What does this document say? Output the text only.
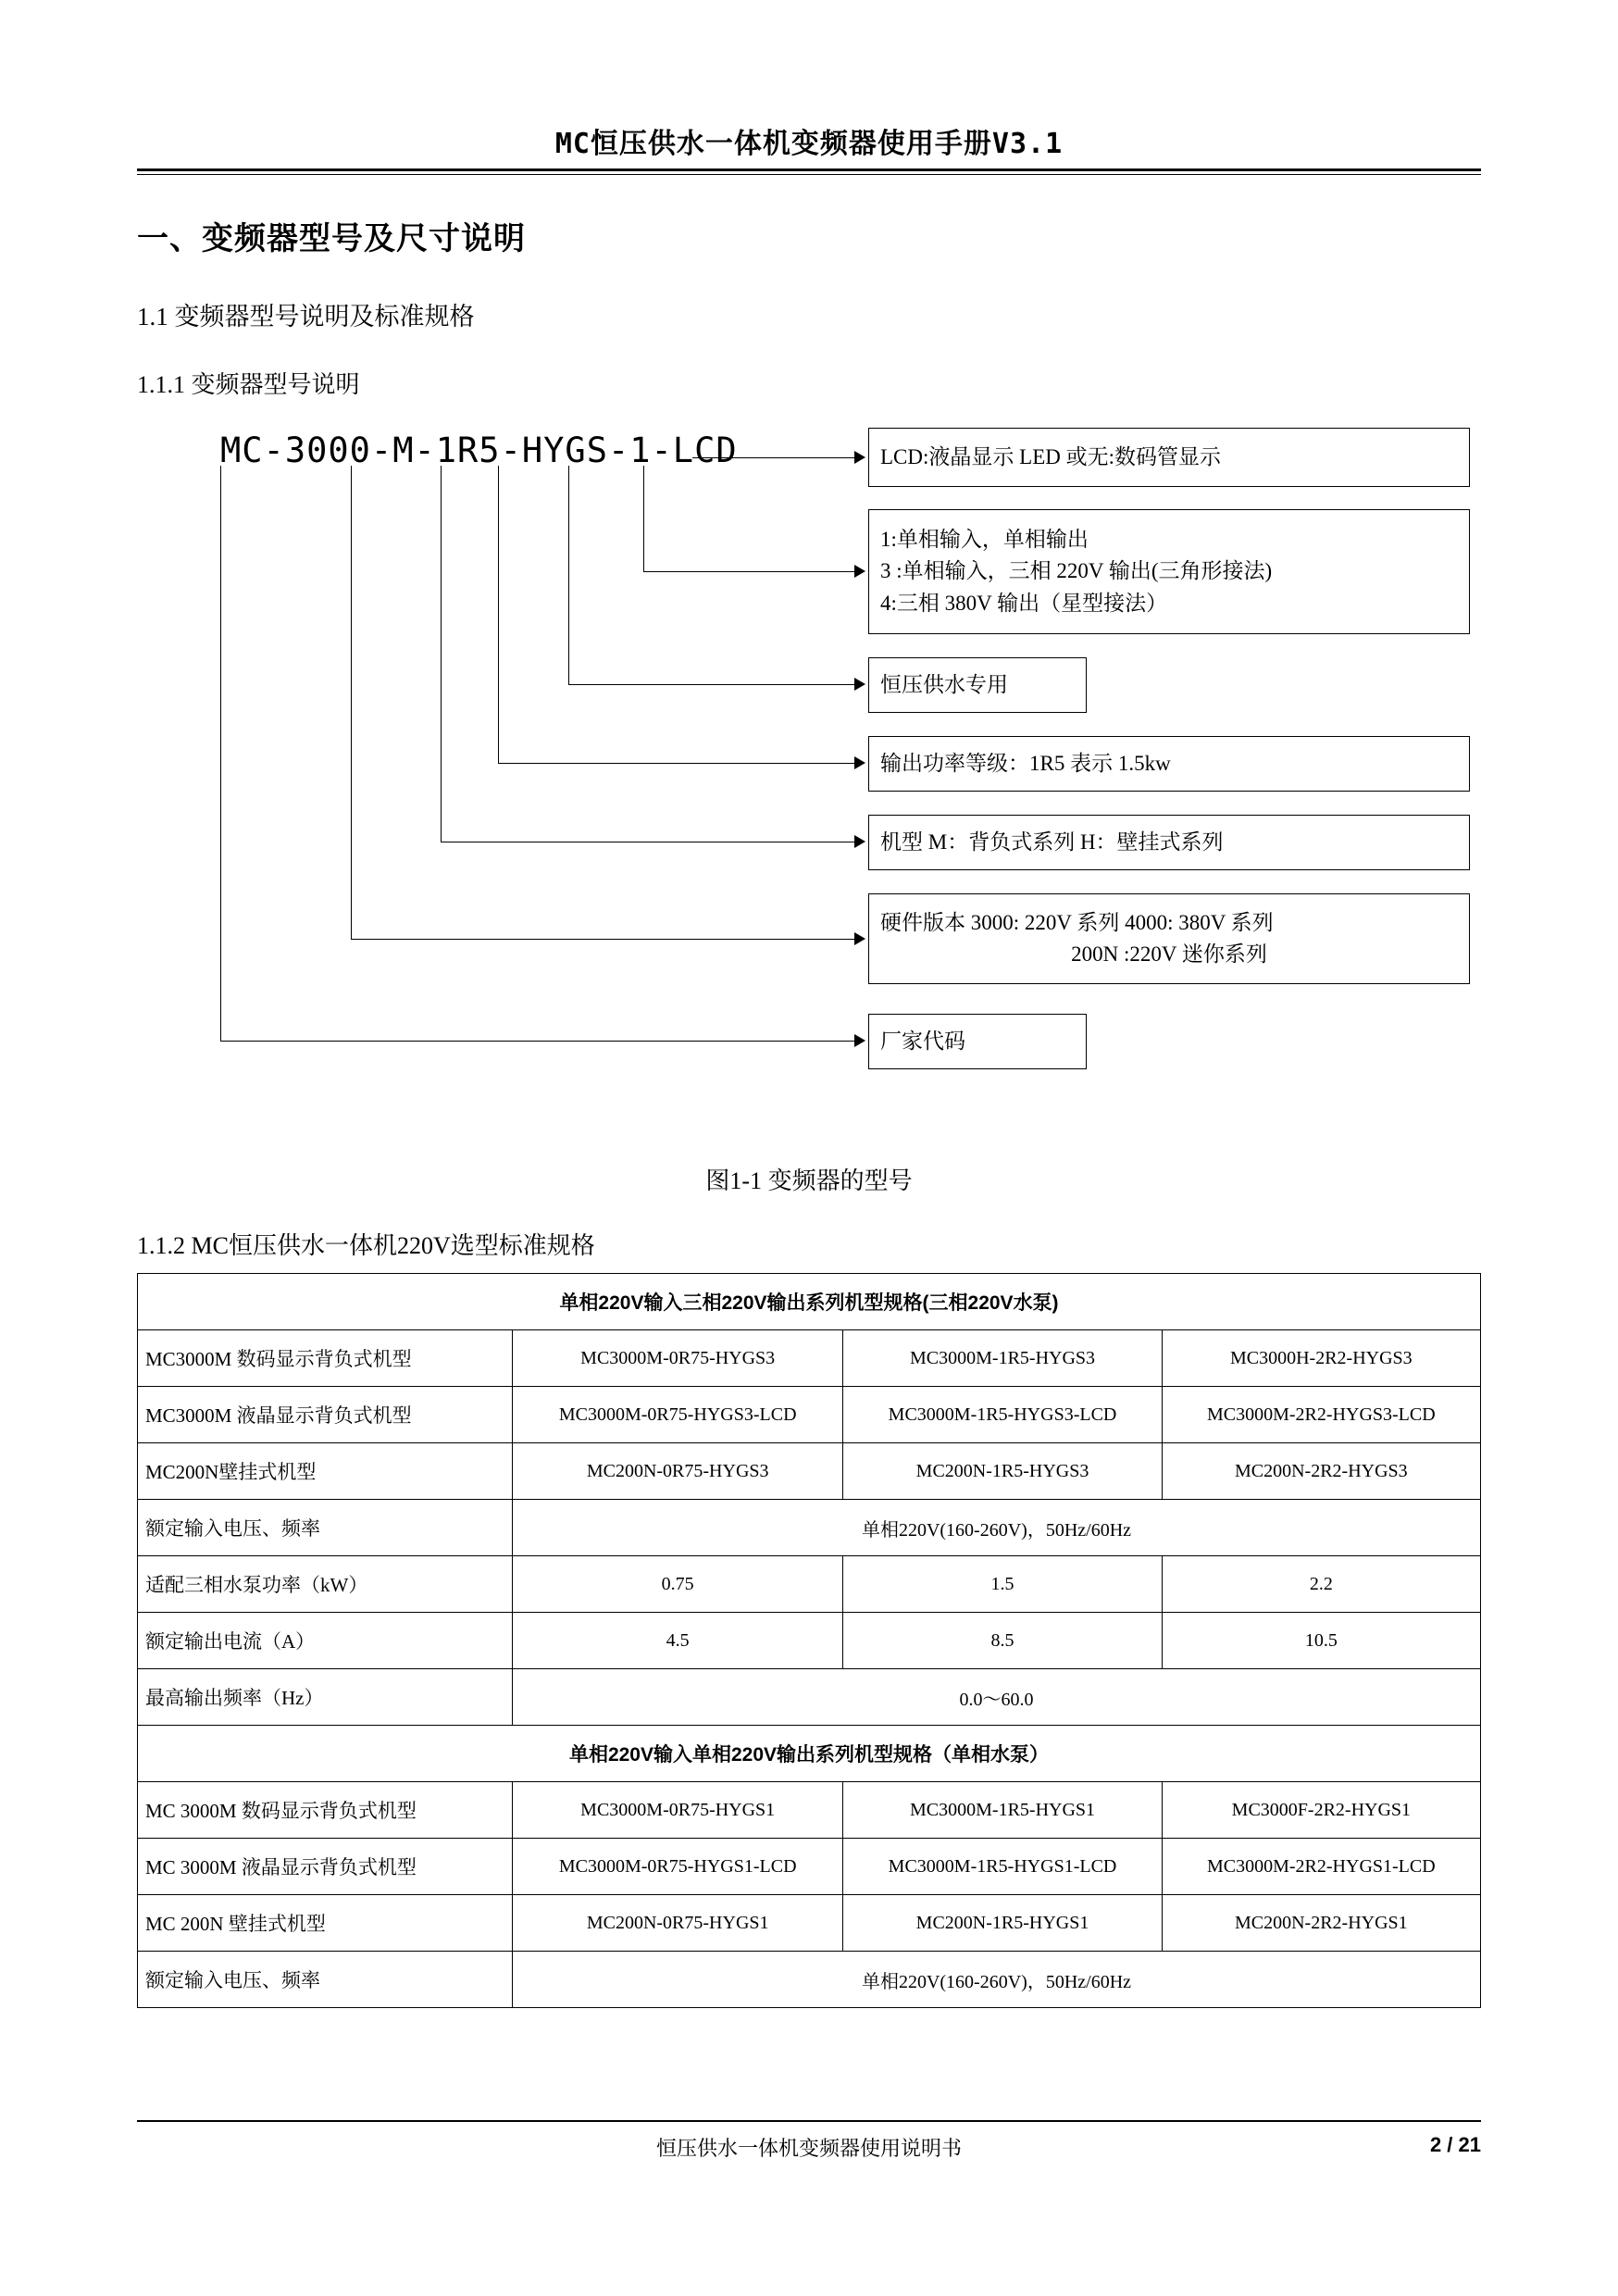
MC恒压供水一体机变频器使用手册V3.1
一、变频器型号及尺寸说明
1.1 变频器型号说明及标准规格
1.1.1 变频器型号说明
1.1.2 MC恒压供水一体机220V选型标准规格
MC-3000-M-1R5-HYGS-1-LCD	LCD:液晶显示 LED 或无:数码管显示
1:单相输入，单相输出
3 :单相输入，三相 220V 输出(三角形接法)
4:三相 380V 输出（星型接法）
恒压供水专用
输出功率等级：1R5 表示 1.5kw
机型 M：背负式系列 H：壁挂式系列
硬件版本 3000: 220V 系列 4000: 380V 系列
200N :220V 迷你系列
厂家代码
图1-1 变频器的型号
单相220V输入三相220V输出系列机型规格(三相220V水泵)			
MC3000M 数码显示背负式机型	MC3000M-0R75-HYGS3	MC3000M-1R5-HYGS3	MC3000H-2R2-HYGS3
MC3000M 液晶显示背负式机型	MC3000M-0R75-HYGS3-LCD	MC3000M-1R5-HYGS3-LCD	MC3000M-2R2-HYGS3-LCD
MC200N壁挂式机型	MC200N-0R75-HYGS3	MC200N-1R5-HYGS3	MC200N-2R2-HYGS3
额定输入电压、频率	单相220V(160-260V)，50Hz/60Hz		
适配三相水泵功率（kW）	0.75	1.5	2.2
额定输出电流（A）	4.5	8.5	10.5
最高输出频率（Hz）	0.0～60.0		
单相220V输入单相220V输出系列机型规格（单相水泵）			
MC 3000M 数码显示背负式机型	MC3000M-0R75-HYGS1	MC3000M-1R5-HYGS1	MC3000F-2R2-HYGS1
MC 3000M 液晶显示背负式机型	MC3000M-0R75-HYGS1-LCD	MC3000M-1R5-HYGS1-LCD	MC3000M-2R2-HYGS1-LCD
MC 200N 壁挂式机型	MC200N-0R75-HYGS1	MC200N-1R5-HYGS1	MC200N-2R2-HYGS1
额定输入电压、频率	单相220V(160-260V)，50Hz/60Hz		
恒压供水一体机变频器使用说明书	2 / 21
